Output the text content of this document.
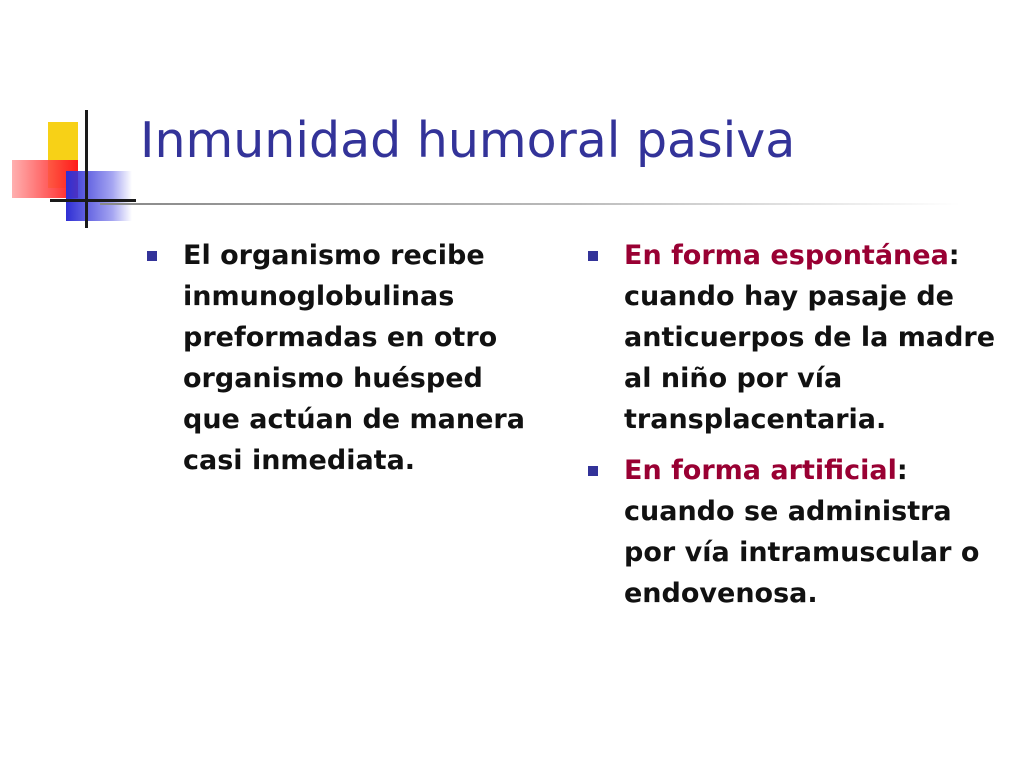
Inmunidad humoral pasiva
El organismo recibe inmunoglobulinas preformadas en otro organismo huésped que actúan de manera casi inmediata.
En forma espontánea: cuando hay pasaje de anticuerpos de la madre al niño por vía transplacentaria.
En forma artificial: cuando se administra por vía intramuscular o endovenosa.
